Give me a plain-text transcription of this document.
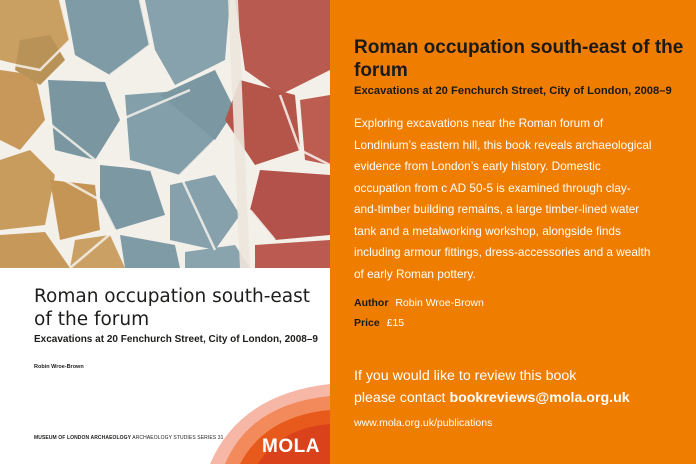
Roman occupation south-east of the forum
Excavations at 20 Fenchurch Street, City of London, 2008–9
Robin Wroe-Brown
MUSEUM OF LONDON ARCHAEOLOGY ARCHAEOLOGY STUDIES SERIES 31 MOLA
Roman occupation south-east of the forum
Excavations at 20 Fenchurch Street, City of London, 2008–9
Exploring excavations near the Roman forum of
Londinium’s eastern hill, this book reveals archaeological
evidence from London’s early history. Domestic
occupation from c AD 50-5 is examined through clay-
and-timber building remains, a large timber-lined water
tank and a metalworking workshop, alongside finds
including armour fittings, dress-accessories and a wealth
of early Roman pottery.
Author Robin Wroe-Brown
Price £15
If you would like to review this book
please contact bookreviews@mola.org.uk
www.mola.org.uk/publications
